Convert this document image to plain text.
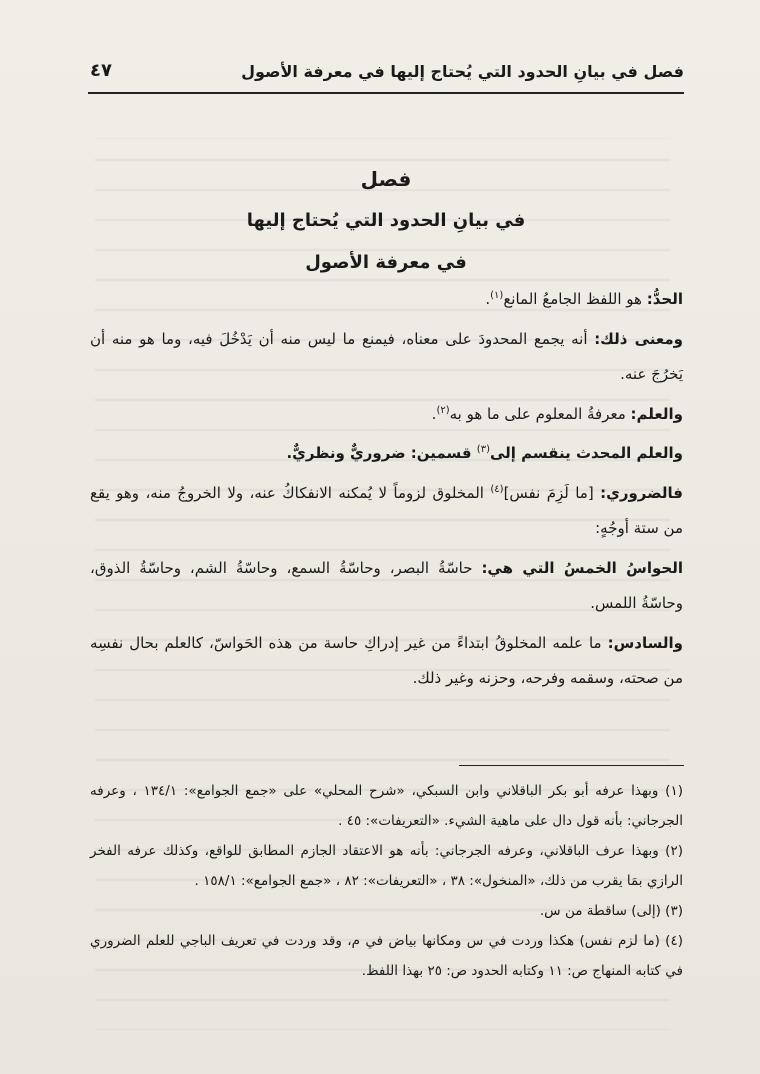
فصل في بيانِ الحدود التي يُحتاج إليها في معرفة الأصول
٤٧
فصل
في بيانِ الحدود التي يُحتاج إليها
في معرفة الأصول

الحدُّ: هو اللفظ الجامعُ المانع$^{(١)}$.

ومعنى ذلك: أنه يجمع المحدودَ على معناه، فيمنع ما ليس منه أن يَدْخُلَ فيه، وما هو منه أن يَخرُجَ عنه.

والعلم: معرفةُ المعلوم على ما هو به$^{(٢)}$.

والعلم المحدث ينقسم إلى$^{(٣)}$ قسمين: ضروريٌّ ونظريٌّ.

فالضروري: [ما لَزِمَ نفس]$^{(٤)}$ المخلوق لزوماً لا يُمكنه الانفكاكُ عنه، ولا الخروجُ منه، وهو يقع من ستة أوجُهٍ:

الحواسُ الخمسُ التي هي: حاسّةُ البصر، وحاسّةُ السمع، وحاسّةُ الشم، وحاسّةُ الذوق، وحاسّةُ اللمس.

والسادس: ما علمه المخلوقُ ابتداءً من غير إدراكِ حاسة من هذه الحَواسّ، كالعلم بحال نفسِه من صحته، وسقمه وفرحه، وحزنه وغير ذلك.

(١) وبهذا عرفه أبو بكر الباقلاني وابن السبكي، «شرح المحلي» على «جمع الجوامع»: ١٣٤/١ ، وعرفه الجرجاني: بأنه قول دال على ماهية الشيء. «التعريفات»: ٤٥ .

(٢) وبهذا عرف الباقلاني، وعرفه الجرجاني: بأنه هو الاعتقاد الجازم المطابق للواقع، وكذلك عرفه الفخر الرازي بمَا يقرب من ذلك، «المنخول»: ٣٨ ، «التعريفات»: ٨٢ ، «جمع الجوامع»: ١٥٨/١ .

(٣) (إلى) ساقطة من س.

(٤) (ما لزم نفس) هكذا وردت في س ومكانها بياض في م، وقد وردت في تعريف الباجي للعلم الضروري في كتابه المنهاج ص: ١١ وكتابه الحدود ص: ٢٥ بهذا اللفظ.
